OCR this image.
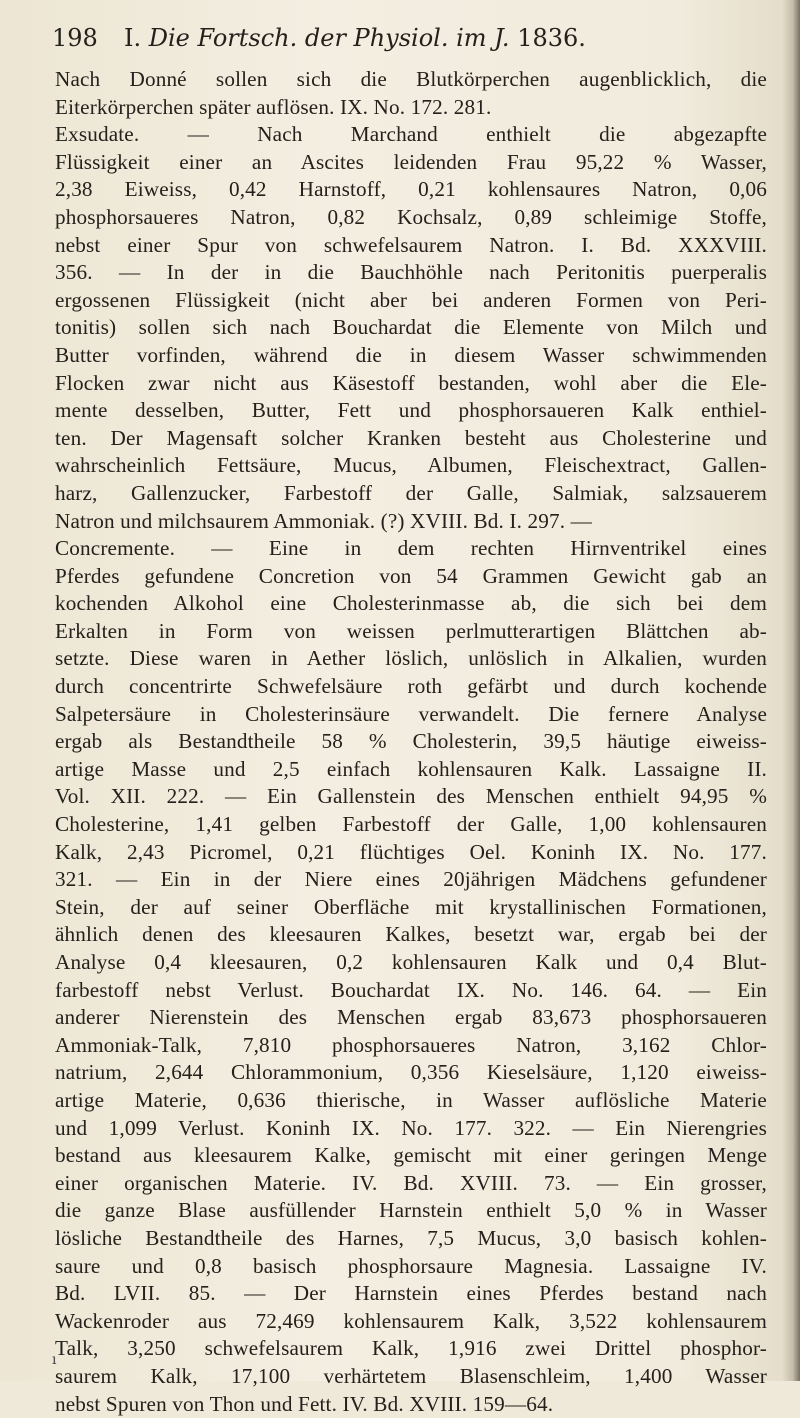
198 I. Die Fortsch. der Physiol. im J. 1836.
Nach Donné sollen sich die Blutkörperchen augenblicklich, die
Eiterkörperchen später auflösen. IX. No. 172. 281.
Exsudate. — Nach Marchand enthielt die abgezapfte
Flüssigkeit einer an Ascites leidenden Frau 95,22 % Wasser,
2,38 Eiweiss, 0,42 Harnstoff, 0,21 kohlensaures Natron, 0,06
phosphorsaueres Natron, 0,82 Kochsalz, 0,89 schleimige Stoffe,
nebst einer Spur von schwefelsaurem Natron. I. Bd. XXXVIII.
356. — In der in die Bauchhöhle nach Peritonitis puerperalis
ergossenen Flüssigkeit (nicht aber bei anderen Formen von Peri-
tonitis) sollen sich nach Bouchardat die Elemente von Milch und
Butter vorfinden, während die in diesem Wasser schwimmenden
Flocken zwar nicht aus Käsestoff bestanden, wohl aber die Ele-
mente desselben, Butter, Fett und phosphorsaueren Kalk enthiel-
ten. Der Magensaft solcher Kranken besteht aus Cholesterine und
wahrscheinlich Fettsäure, Mucus, Albumen, Fleischextract, Gallen-
harz, Gallenzucker, Farbestoff der Galle, Salmiak, salzsauerem
Natron und milchsaurem Ammoniak. (?) XVIII. Bd. I. 297. —
Concremente. — Eine in dem rechten Hirnventrikel eines
Pferdes gefundene Concretion von 54 Grammen Gewicht gab an
kochenden Alkohol eine Cholesterinmasse ab, die sich bei dem
Erkalten in Form von weissen perlmutterartigen Blättchen ab-
setzte. Diese waren in Aether löslich, unlöslich in Alkalien, wurden
durch concentrirte Schwefelsäure roth gefärbt und durch kochende
Salpetersäure in Cholesterinsäure verwandelt. Die fernere Analyse
ergab als Bestandtheile 58 % Cholesterin, 39,5 häutige eiweiss-
artige Masse und 2,5 einfach kohlensauren Kalk. Lassaigne II.
Vol. XII. 222. — Ein Gallenstein des Menschen enthielt 94,95 %
Cholesterine, 1,41 gelben Farbestoff der Galle, 1,00 kohlensauren
Kalk, 2,43 Picromel, 0,21 flüchtiges Oel. Koninh IX. No. 177.
321. — Ein in der Niere eines 20jährigen Mädchens gefundener
Stein, der auf seiner Oberfläche mit krystallinischen Formationen,
ähnlich denen des kleesauren Kalkes, besetzt war, ergab bei der
Analyse 0,4 kleesauren, 0,2 kohlensauren Kalk und 0,4 Blut-
farbestoff nebst Verlust. Bouchardat IX. No. 146. 64. — Ein
anderer Nierenstein des Menschen ergab 83,673 phosphorsaueren
Ammoniak-Talk, 7,810 phosphorsaueres Natron, 3,162 Chlor-
natrium, 2,644 Chlorammonium, 0,356 Kieselsäure, 1,120 eiweiss-
artige Materie, 0,636 thierische, in Wasser auflösliche Materie
und 1,099 Verlust. Koninh IX. No. 177. 322. — Ein Nierengries
bestand aus kleesaurem Kalke, gemischt mit einer geringen Menge
einer organischen Materie. IV. Bd. XVIII. 73. — Ein grosser,
die ganze Blase ausfüllender Harnstein enthielt 5,0 % in Wasser
lösliche Bestandtheile des Harnes, 7,5 Mucus, 3,0 basisch kohlen-
saure und 0,8 basisch phosphorsaure Magnesia. Lassaigne IV.
Bd. LVII. 85. — Der Harnstein eines Pferdes bestand nach
Wackenroder aus 72,469 kohlensaurem Kalk, 3,522 kohlensaurem
Talk, 3,250 schwefelsaurem Kalk, 1,916 zwei Drittel phosphor-
saurem Kalk, 17,100 verhärtetem Blasenschleim, 1,400 Wasser
nebst Spuren von Thon und Fett. IV. Bd. XVIII. 159—64.
ı
